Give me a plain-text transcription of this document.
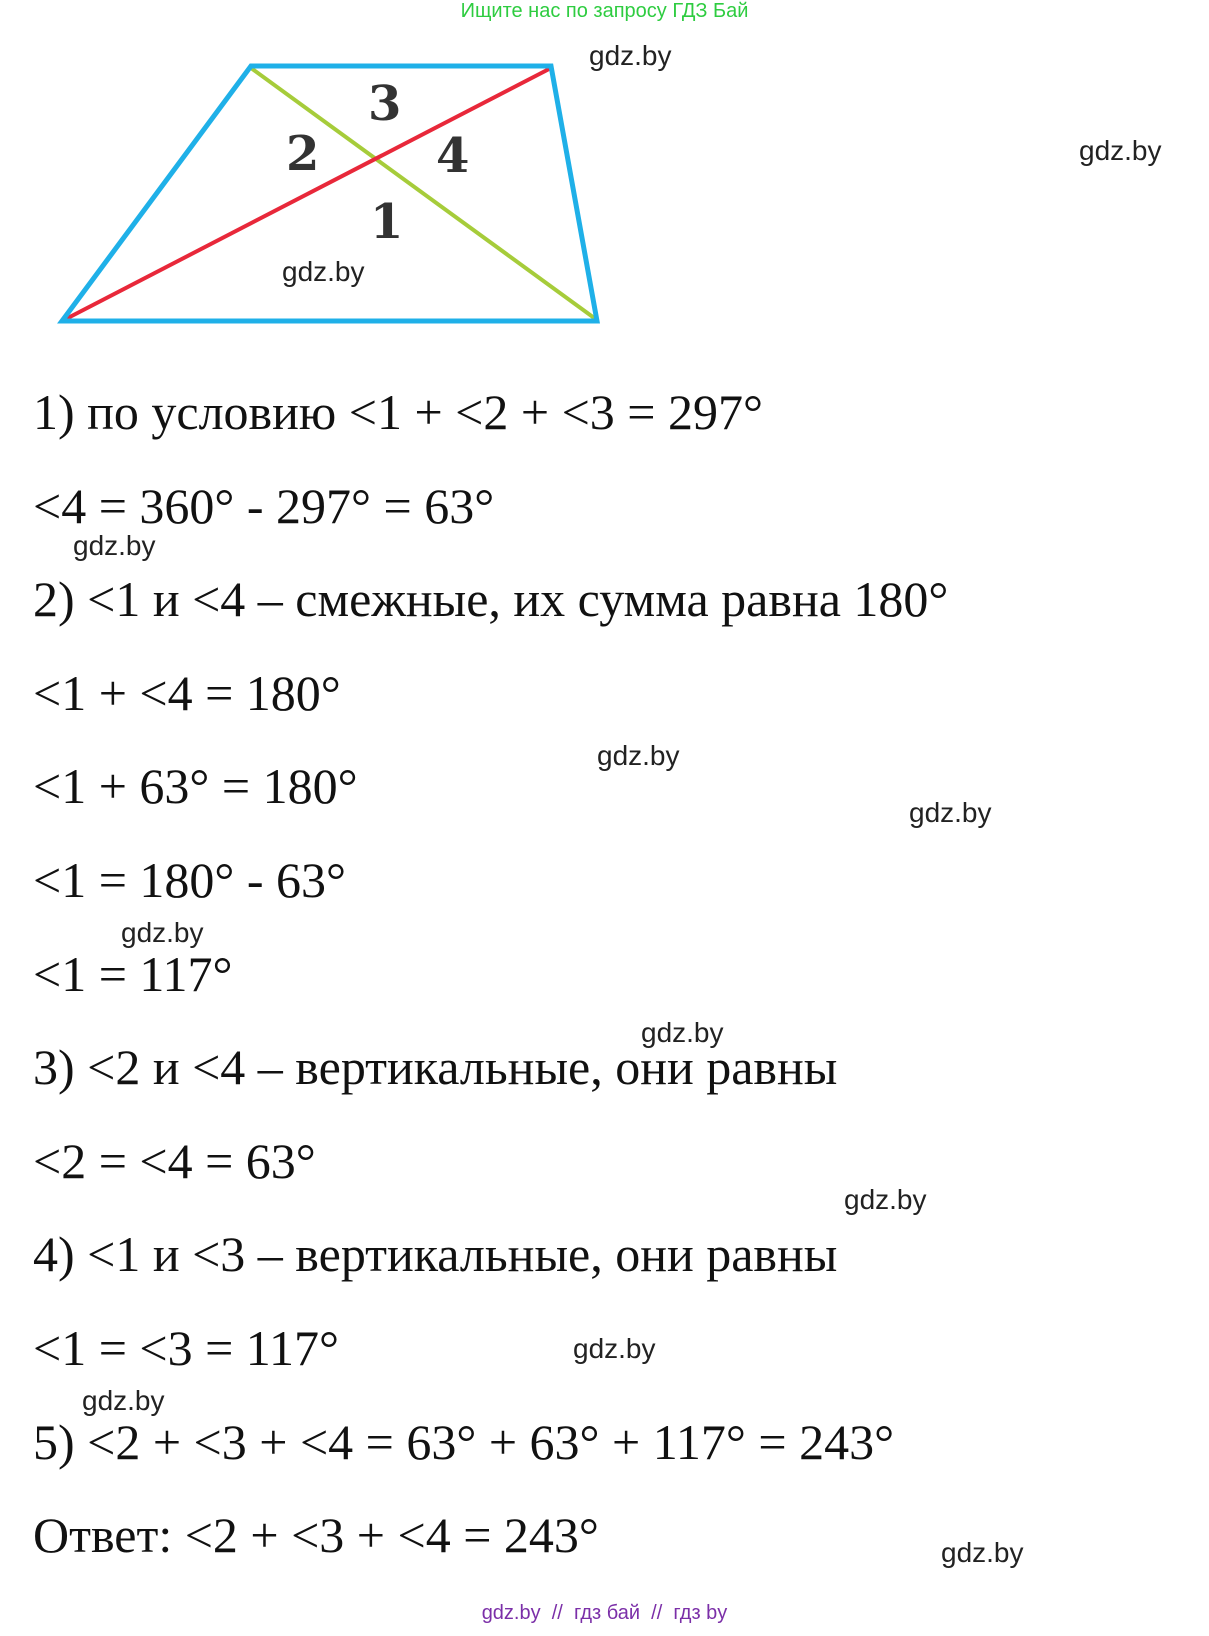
Ищите нас по запросу ГДЗ Бай
3
2 4
1
gdz.by
gdz.by
gdz.by
gdz.by
gdz.by
gdz.by
gdz.by
gdz.by
gdz.by
gdz.by
gdz.by
gdz.by
1) по условию <1 + <2 + <3 = 297°
<4 = 360° - 297° = 63°
2) <1 и <4 – смежные, их сумма равна 180°
<1 + <4 = 180°
<1 + 63° = 180°
<1 = 180° - 63°
<1 = 117°
3) <2 и <4 – вертикальные, они равны
<2 = <4 = 63°
4) <1 и <3 – вертикальные, они равны
<1 = <3 = 117°
5) <2 + <3 + <4 = 63° + 63° + 117° = 243°
Ответ: <2 + <3 + <4 = 243°
gdz.by  //  гдз бай  //  гдз by
